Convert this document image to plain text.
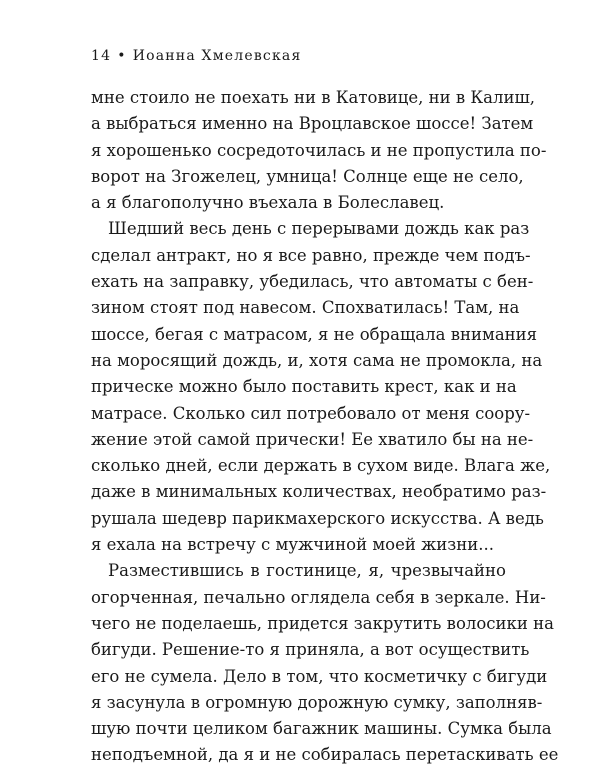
14 • Иоанна Хмелевская
мне стоило не поехать ни в Катовице, ни в Калиш,
а выбраться именно на Вроцлавское шоссе! Затем
я хорошенько сосредоточилась и не пропустила по-
ворот на Згожелец, умница! Солнце еще не село,
а я благополучно въехала в Болеславец.
Шедший весь день с перерывами дождь как раз
сделал антракт, но я все равно, прежде чем подъ-
ехать на заправку, убедилась, что автоматы с бен-
зином стоят под навесом. Спохватилась! Там, на
шоссе, бегая с матрасом, я не обращала внимания
на моросящий дождь, и, хотя сама не промокла, на
прическе можно было поставить крест, как и на
матрасе. Сколько сил потребовало от меня соору-
жение этой самой прически! Ее хватило бы на не-
сколько дней, если держать в сухом виде. Влага же,
даже в минимальных количествах, необратимо раз-
рушала шедевр парикмахерского искусства. А ведь
я ехала на встречу с мужчиной моей жизни...
Разместившись в гостинице, я, чрезвычайно
огорченная, печально оглядела себя в зеркале. Ни-
чего не поделаешь, придется закрутить волосики на
бигуди. Решение-то я приняла, а вот осуществить
его не сумела. Дело в том, что косметичку с бигуди
я засунула в огромную дорожную сумку, заполняв-
шую почти целиком багажник машины. Сумка была
неподъемной, да я и не собиралась перетаскивать ее
